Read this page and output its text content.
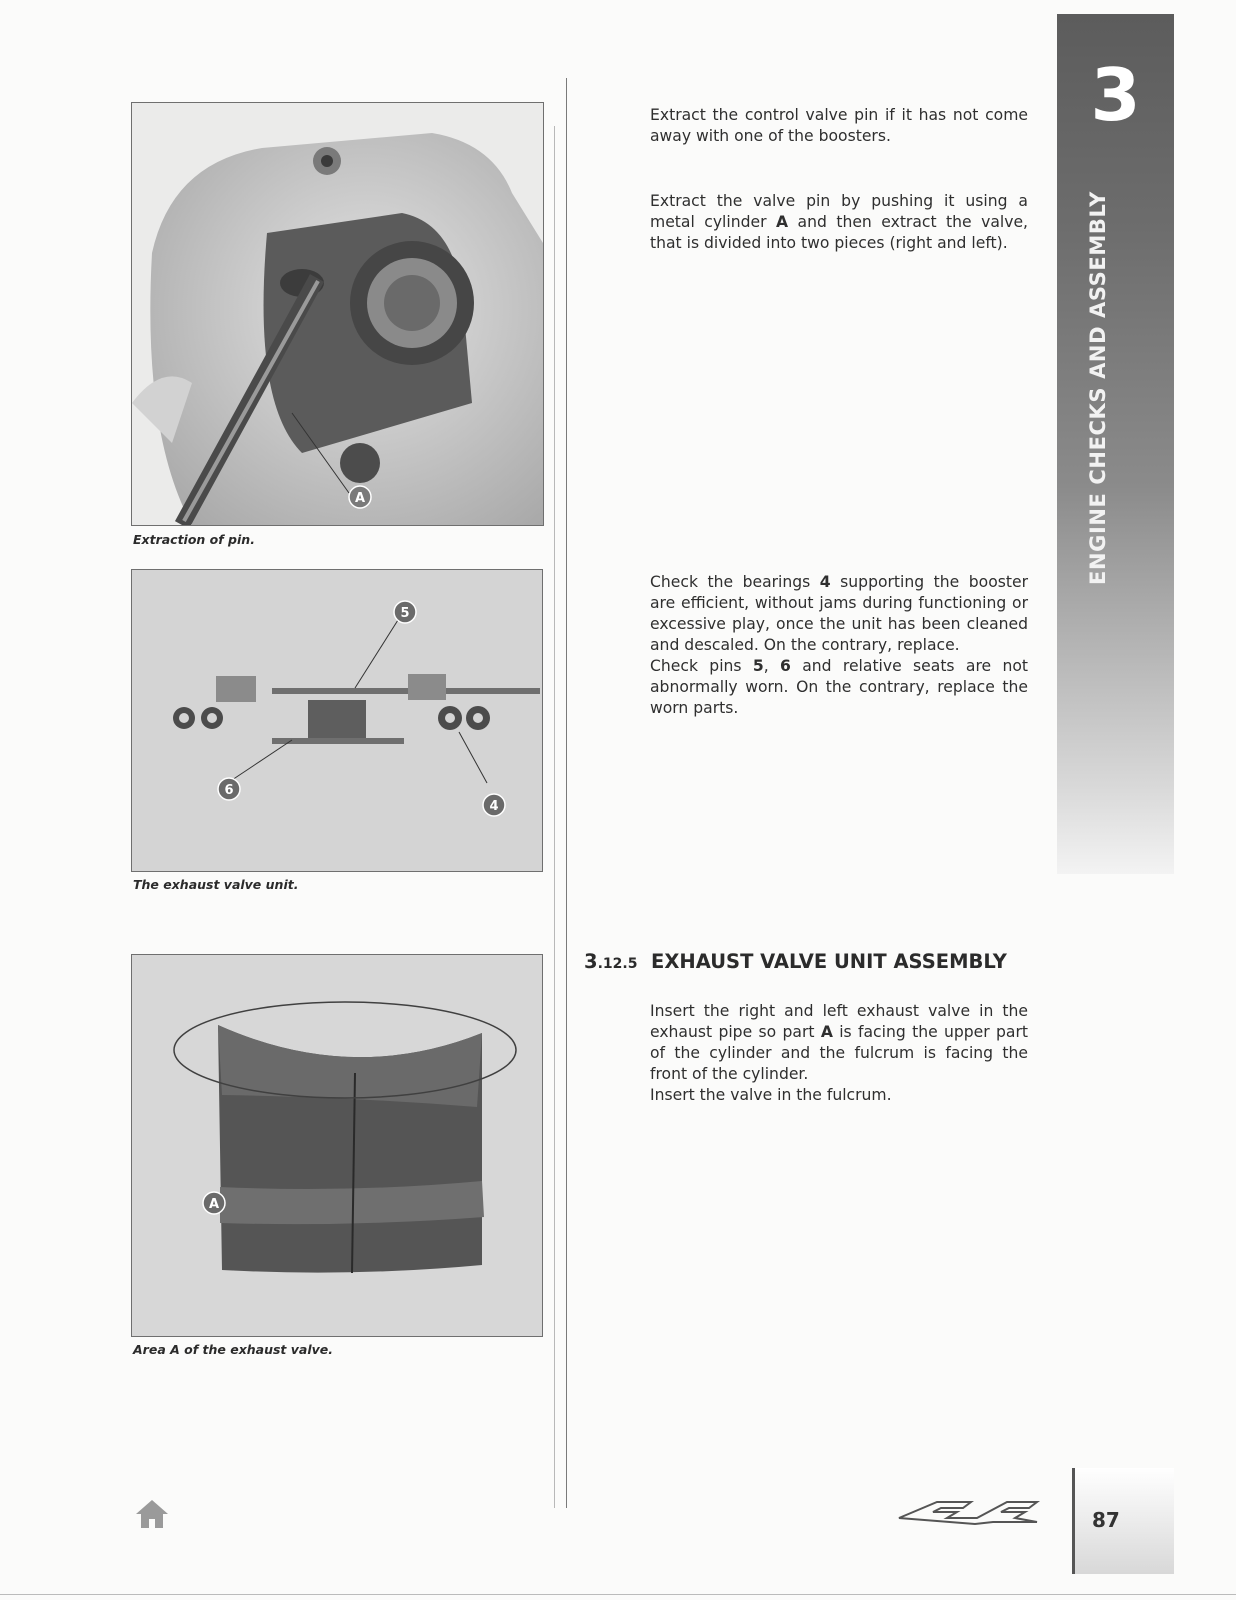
A
Extraction of pin.
5
6
4
The exhaust valve unit.
A
Area A of the exhaust valve.

Extract the control valve pin if it has not come away with one of the boosters.

Extract the valve pin by pushing it using a metal cylinder A and then extract the valve, that is divided into two pieces (right and left).

Check the bearings 4 supporting the booster are efficient, without jams during functioning or excessive play, once the unit has been cleaned and descaled. On the contrary, replace.
Check pins 5, 6 and relative seats are not abnormally worn. On the contrary, replace the worn parts.
3.12.5 EXHAUST VALVE UNIT ASSEMBLY
Insert the right and left exhaust valve in the exhaust pipe so part A is facing the upper part of the cylinder and the fulcrum is facing the front of the cylinder.
Insert the valve in the fulcrum.
3
ENGINE CHECKS AND ASSEMBLY
87
